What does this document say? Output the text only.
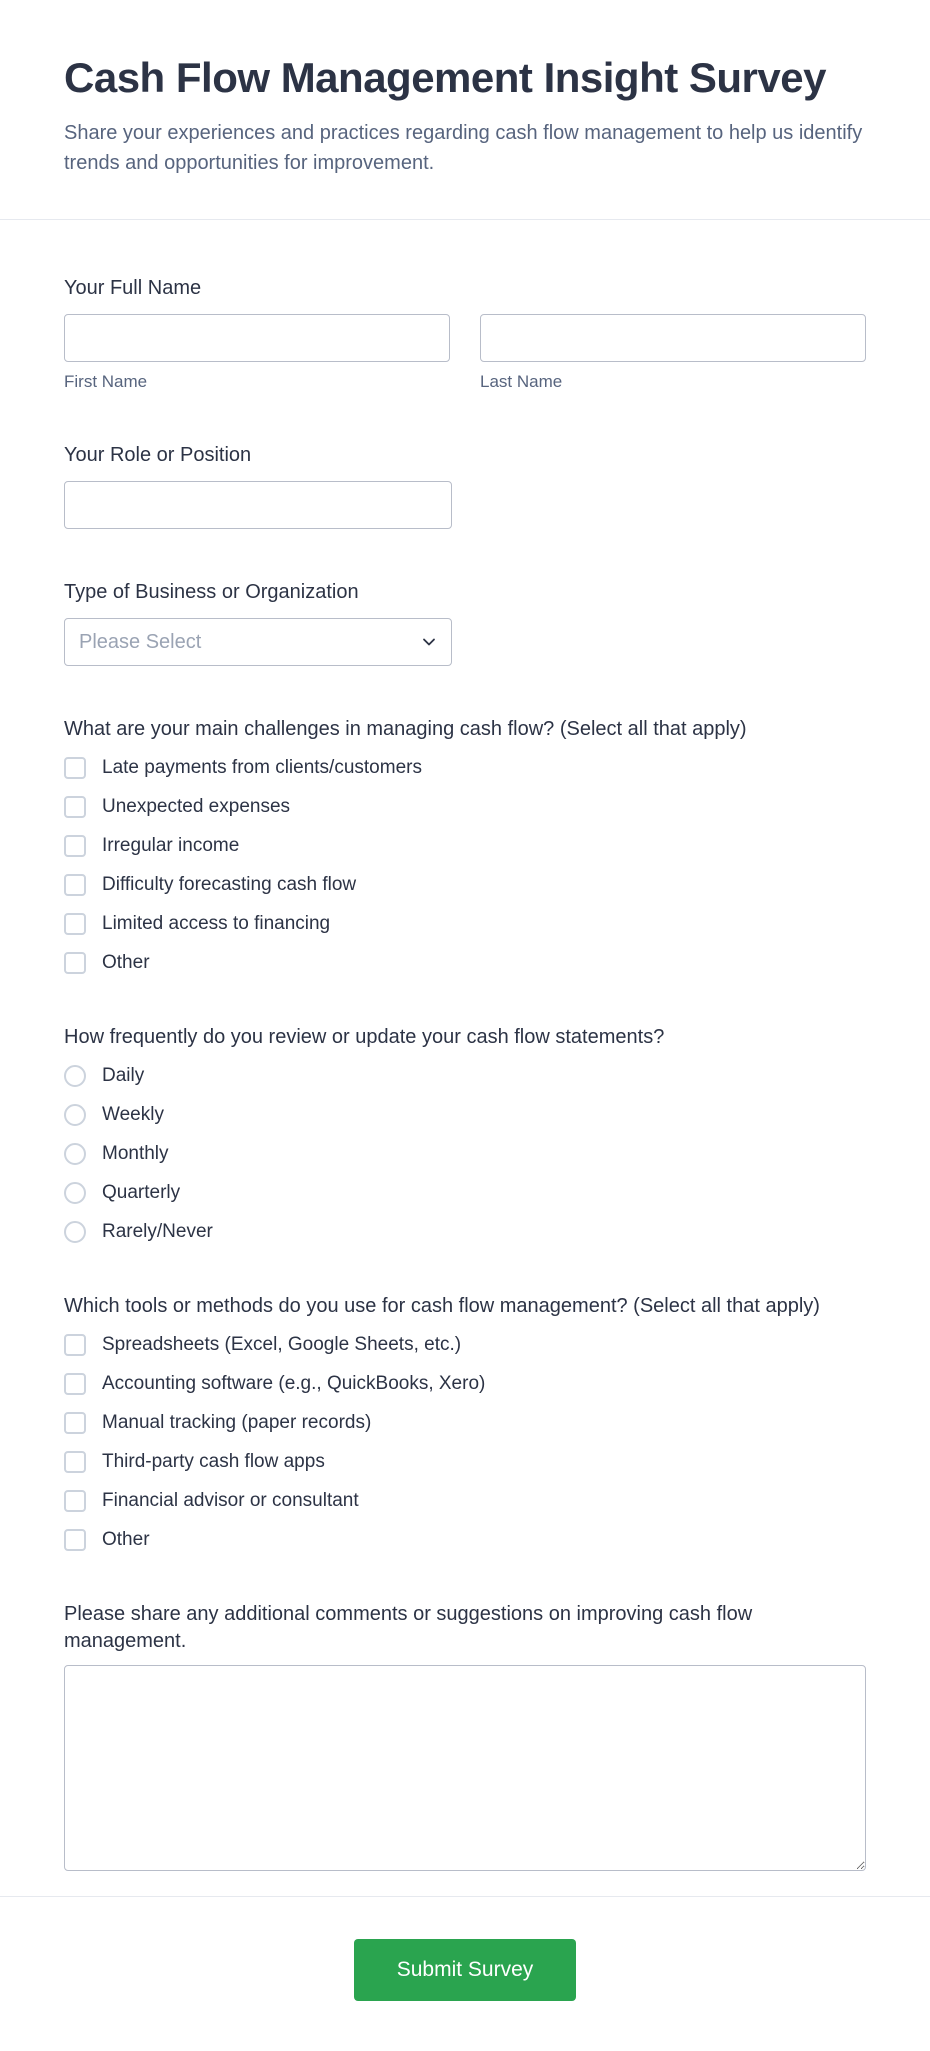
Cash Flow Management Insight Survey

Share your experiences and practices regarding cash flow management to help us identify trends and opportunities for improvement.

Your Full Name
First Name	Last Name
Your Role or Position
Type of Business or Organization
Please Select
What are your main challenges in managing cash flow? (Select all that apply)
Late payments from clients/customers
Unexpected expenses
Irregular income
Difficulty forecasting cash flow
Limited access to financing
Other
How frequently do you review or update your cash flow statements?
Daily
Weekly
Monthly
Quarterly
Rarely/Never
Which tools or methods do you use for cash flow management? (Select all that apply)
Spreadsheets (Excel, Google Sheets, etc.)
Accounting software (e.g., QuickBooks, Xero)
Manual tracking (paper records)
Third-party cash flow apps
Financial advisor or consultant
Other
Please share any additional comments or suggestions on improving cash flow management.
Submit Survey
